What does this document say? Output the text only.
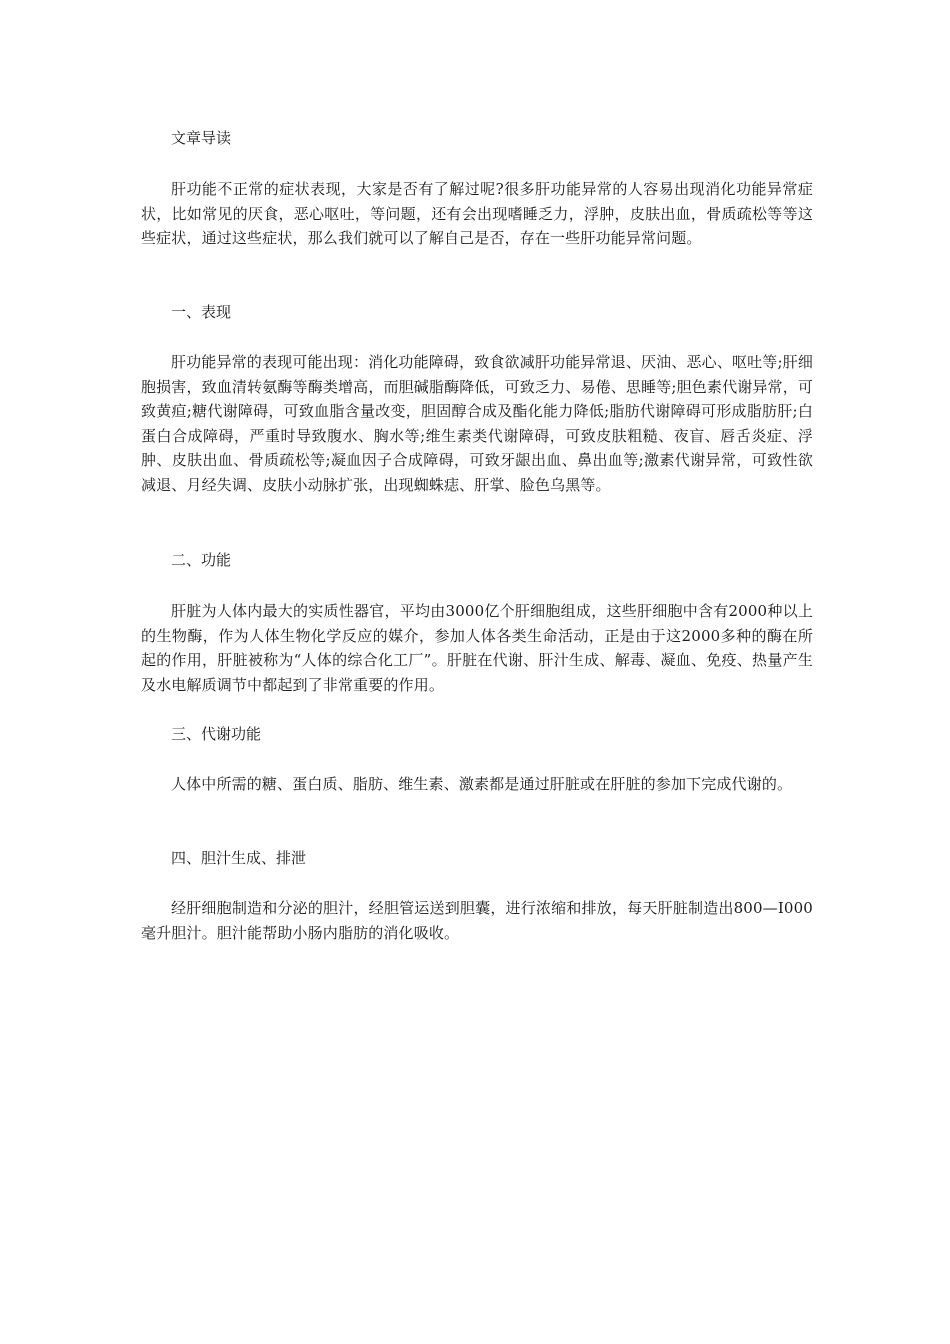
文章导读

肝功能不正常的症状表现，大家是否有了解过呢?很多肝功能异常的人容易出现消化功能异常症状，比如常见的厌食，恶心呕吐，等问题，还有会出现嗜睡乏力，浮肿，皮肤出血，骨质疏松等等这些症状，通过这些症状，那么我们就可以了解自己是否，存在一些肝功能异常问题。

一、表现

肝功能异常的表现可能出现：消化功能障碍，致食欲减肝功能异常退、厌油、恶心、呕吐等;肝细胞损害，致血清转氨酶等酶类增高，而胆碱脂酶降低，可致乏力、易倦、思睡等;胆色素代谢异常，可致黄疸;糖代谢障碍，可致血脂含量改变，胆固醇合成及酯化能力降低;脂肪代谢障碍可形成脂肪肝;白蛋白合成障碍，严重时导致腹水、胸水等;维生素类代谢障碍，可致皮肤粗糙、夜盲、唇舌炎症、浮肿、皮肤出血、骨质疏松等;凝血因子合成障碍，可致牙龈出血、鼻出血等;激素代谢异常，可致性欲减退、月经失调、皮肤小动脉扩张，出现蜘蛛痣、肝掌、脸色乌黑等。

二、功能

肝脏为人体内最大的实质性器官，平均由3000亿个肝细胞组成，这些肝细胞中含有2000种以上的生物酶，作为人体生物化学反应的媒介，参加人体各类生命活动，正是由于这2000多种的酶在所起的作用，肝脏被称为“人体的综合化工厂”。肝脏在代谢、肝汁生成、解毒、凝血、免疫、热量产生及水电解质调节中都起到了非常重要的作用。

三、代谢功能

人体中所需的糖、蛋白质、脂肪、维生素、激素都是通过肝脏或在肝脏的参加下完成代谢的。

四、胆汁生成、排泄

经肝细胞制造和分泌的胆汁，经胆管运送到胆囊，进行浓缩和排放，每天肝脏制造出800—I000毫升胆汁。胆汁能帮助小肠内脂肪的消化吸收。
